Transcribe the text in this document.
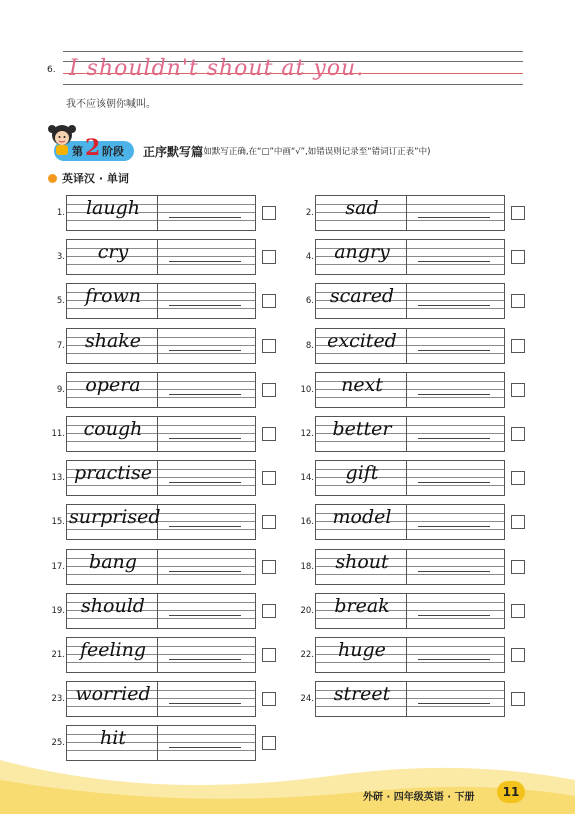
6. I shouldn't shout at you.
我不应该朝你喊叫。
第 2 阶段 正序默写篇
(如默写正确,在“□”中画“√”,如错误则记录至“错词订正表”中)
英译汉 · 单词
1.	laugh	2.	sad
3.	cry	4.	angry
5.	frown	6. scared
7.	shake	8. excited
9.	opera	10.	next
11. cough	12. better
13. practise	14.	gift
15. surprised	16. model
17.	bang	18.	shout
19. should	20.	break
21. feeling	22.	huge
23. worried	24.	street
25.	hit
外研 · 四年级英语 · 下册	11
